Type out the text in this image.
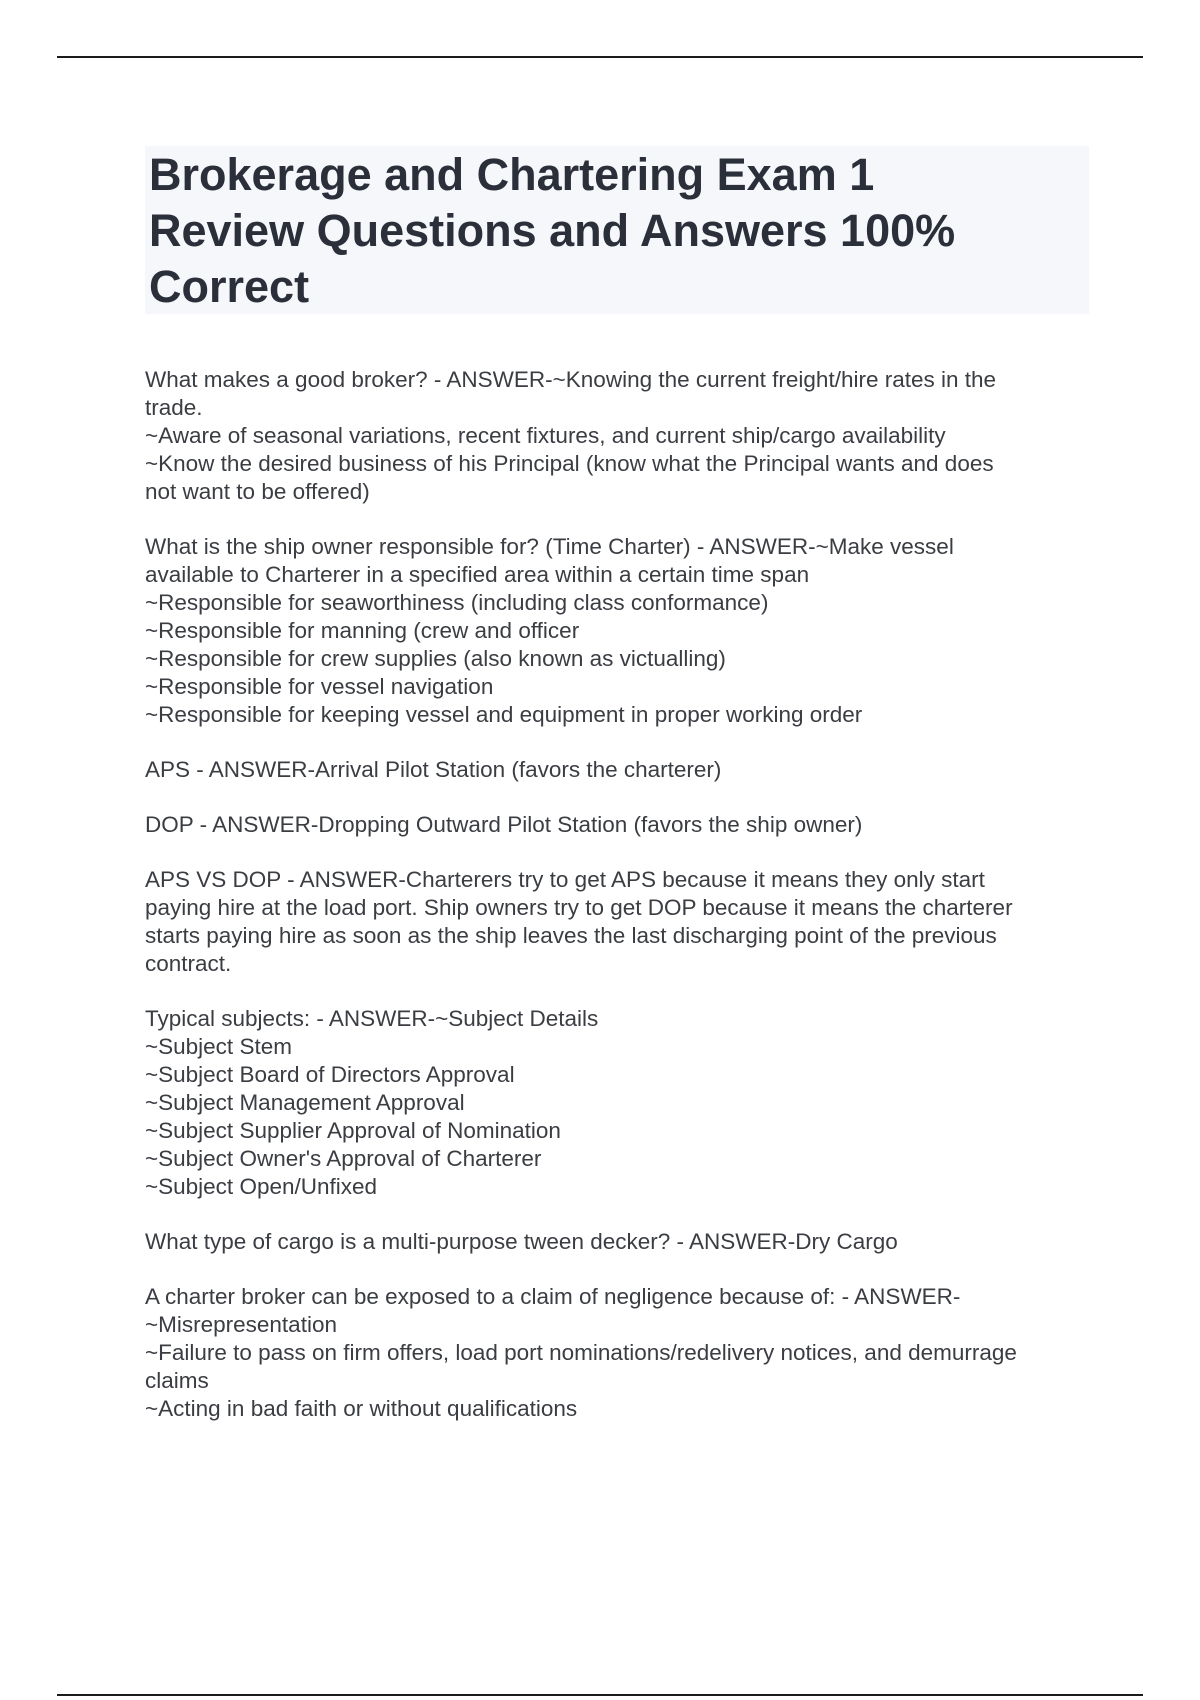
Brokerage and Chartering Exam 1
Review Questions and Answers 100%
Correct

What makes a good broker? - ANSWER-~Knowing the current freight/hire rates in the
trade.
~Aware of seasonal variations, recent fixtures, and current ship/cargo availability
~Know the desired business of his Principal (know what the Principal wants and does
not want to be offered)

What is the ship owner responsible for? (Time Charter) - ANSWER-~Make vessel
available to Charterer in a specified area within a certain time span
~Responsible for seaworthiness (including class conformance)
~Responsible for manning (crew and officer
~Responsible for crew supplies (also known as victualling)
~Responsible for vessel navigation
~Responsible for keeping vessel and equipment in proper working order

APS - ANSWER-Arrival Pilot Station (favors the charterer)

DOP - ANSWER-Dropping Outward Pilot Station (favors the ship owner)

APS VS DOP - ANSWER-Charterers try to get APS because it means they only start
paying hire at the load port. Ship owners try to get DOP because it means the charterer
starts paying hire as soon as the ship leaves the last discharging point of the previous
contract.

Typical subjects: - ANSWER-~Subject Details
~Subject Stem
~Subject Board of Directors Approval
~Subject Management Approval
~Subject Supplier Approval of Nomination
~Subject Owner's Approval of Charterer
~Subject Open/Unfixed

What type of cargo is a multi-purpose tween decker? - ANSWER-Dry Cargo

A charter broker can be exposed to a claim of negligence because of: - ANSWER-
~Misrepresentation
~Failure to pass on firm offers, load port nominations/redelivery notices, and demurrage
claims
~Acting in bad faith or without qualifications
